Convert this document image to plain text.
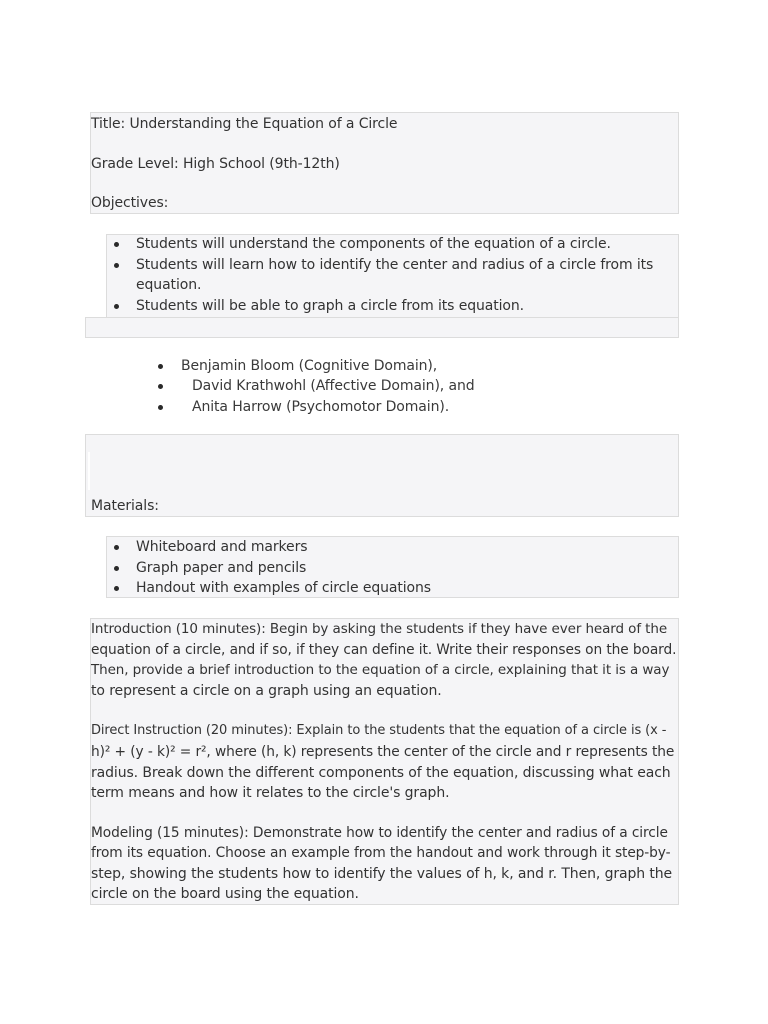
Title: Understanding the Equation of a Circle
Grade Level: High School (9th-12th)
Objectives:
Students will understand the components of the equation of a circle.
Students will learn how to identify the center and radius of a circle from its
equation.
Students will be able to graph a circle from its equation.
Benjamin Bloom (Cognitive Domain),
David Krathwohl (Affective Domain), and
Anita Harrow (Psychomotor Domain).
Materials:
Whiteboard and markers
Graph paper and pencils
Handout with examples of circle equations
Introduction (10 minutes): Begin by asking the students if they have ever heard of the
equation of a circle, and if so, if they can define it. Write their responses on the board.
Then, provide a brief introduction to the equation of a circle, explaining that it is a way
to represent a circle on a graph using an equation.
Direct Instruction (20 minutes): Explain to the students that the equation of a circle is (x -
h)² + (y - k)² = r², where (h, k) represents the center of the circle and r represents the
radius. Break down the different components of the equation, discussing what each
term means and how it relates to the circle's graph.
Modeling (15 minutes): Demonstrate how to identify the center and radius of a circle
from its equation. Choose an example from the handout and work through it step-by-
step, showing the students how to identify the values of h, k, and r. Then, graph the
circle on the board using the equation.
